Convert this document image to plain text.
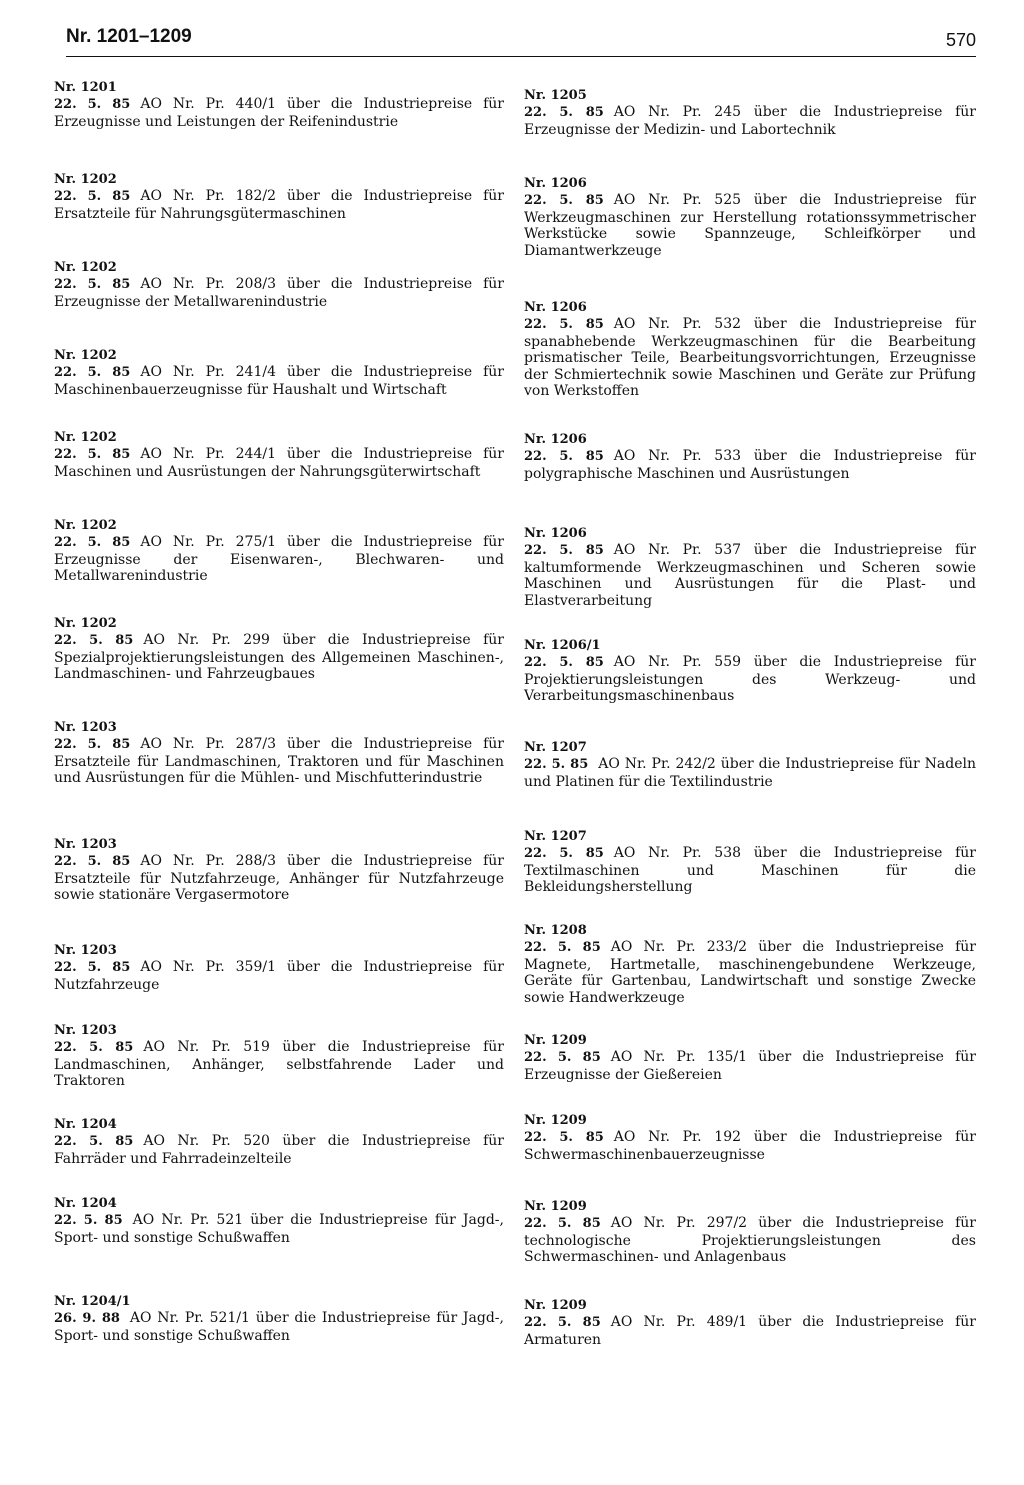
Nr. 1201–1209	570
Nr. 1201

22. 5. 85 AO Nr. Pr. 440/1 über die Industriepreise für Erzeugnisse und Leistungen der Reifenindustrie

Nr. 1202

22. 5. 85 AO Nr. Pr. 182/2 über die Industriepreise für Ersatzteile für Nahrungsgütermaschinen

Nr. 1202

22. 5. 85 AO Nr. Pr. 208/3 über die Industriepreise für Erzeugnisse der Metallwarenindustrie

Nr. 1202

22. 5. 85 AO Nr. Pr. 241/4 über die Industriepreise für Maschinenbauerzeugnisse für Haushalt und Wirtschaft

Nr. 1202

22. 5. 85 AO Nr. Pr. 244/1 über die Industriepreise für Maschinen und Ausrüstungen der Nahrungsgüterwirtschaft

Nr. 1202

22. 5. 85 AO Nr. Pr. 275/1 über die Industriepreise für Erzeugnisse der Eisenwaren-, Blechwaren- und Metallwarenindustrie

Nr. 1202

22. 5. 85 AO Nr. Pr. 299 über die Industriepreise für Spezialprojektierungsleistungen des Allgemeinen Maschinen-, Landmaschinen- und Fahrzeugbaues

Nr. 1203

22. 5. 85 AO Nr. Pr. 287/3 über die Industriepreise für Ersatzteile für Landmaschinen, Traktoren und für Maschinen und Ausrüstungen für die Mühlen- und Mischfutterindustrie

Nr. 1203

22. 5. 85 AO Nr. Pr. 288/3 über die Industriepreise für Ersatzteile für Nutzfahrzeuge, Anhänger für Nutzfahrzeuge sowie stationäre Vergasermotore

Nr. 1203

22. 5. 85 AO Nr. Pr. 359/1 über die Industriepreise für Nutzfahrzeuge

Nr. 1203

22. 5. 85 AO Nr. Pr. 519 über die Industriepreise für Landmaschinen, Anhänger, selbstfahrende Lader und Traktoren

Nr. 1204

22. 5. 85 AO Nr. Pr. 520 über die Industriepreise für Fahrräder und Fahrradeinzelteile

Nr. 1204

22. 5. 85 AO Nr. Pr. 521 über die Industriepreise für Jagd-, Sport- und sonstige Schußwaffen

Nr. 1204/1

26. 9. 88 AO Nr. Pr. 521/1 über die Industriepreise für Jagd-, Sport- und sonstige Schußwaffen

Nr. 1205

22. 5. 85 AO Nr. Pr. 245 über die Industriepreise für Erzeugnisse der Medizin- und Labortechnik

Nr. 1206

22. 5. 85 AO Nr. Pr. 525 über die Industriepreise für Werkzeugmaschinen zur Herstellung rotationssymmetrischer Werkstücke sowie Spannzeuge, Schleifkörper und Diamantwerkzeuge

Nr. 1206

22. 5. 85 AO Nr. Pr. 532 über die Industriepreise für spanabhebende Werkzeugmaschinen für die Bearbeitung prismatischer Teile, Bearbeitungsvorrichtungen, Erzeugnisse der Schmiertechnik sowie Maschinen und Geräte zur Prüfung von Werkstoffen

Nr. 1206

22. 5. 85 AO Nr. Pr. 533 über die Industriepreise für polygraphische Maschinen und Ausrüstungen

Nr. 1206

22. 5. 85 AO Nr. Pr. 537 über die Industriepreise für kaltumformende Werkzeugmaschinen und Scheren sowie Maschinen und Ausrüstungen für die Plast- und Elastverarbeitung

Nr. 1206/1

22. 5. 85 AO Nr. Pr. 559 über die Industriepreise für Projektierungsleistungen des Werkzeug- und Verarbeitungsmaschinenbaus

Nr. 1207

22. 5. 85 AO Nr. Pr. 242/2 über die Industriepreise für Nadeln und Platinen für die Textilindustrie

Nr. 1207

22. 5. 85 AO Nr. Pr. 538 über die Industriepreise für Textilmaschinen und Maschinen für die Bekleidungsherstellung

Nr. 1208

22. 5. 85 AO Nr. Pr. 233/2 über die Industriepreise für Magnete, Hartmetalle, maschinengebundene Werkzeuge, Geräte für Gartenbau, Landwirtschaft und sonstige Zwecke sowie Handwerkzeuge

Nr. 1209

22. 5. 85 AO Nr. Pr. 135/1 über die Industriepreise für Erzeugnisse der Gießereien

Nr. 1209

22. 5. 85 AO Nr. Pr. 192 über die Industriepreise für Schwermaschinenbauerzeugnisse

Nr. 1209

22. 5. 85 AO Nr. Pr. 297/2 über die Industriepreise für technologische Projektierungsleistungen des Schwermaschinen- und Anlagenbaus

Nr. 1209

22. 5. 85 AO Nr. Pr. 489/1 über die Industriepreise für Armaturen
